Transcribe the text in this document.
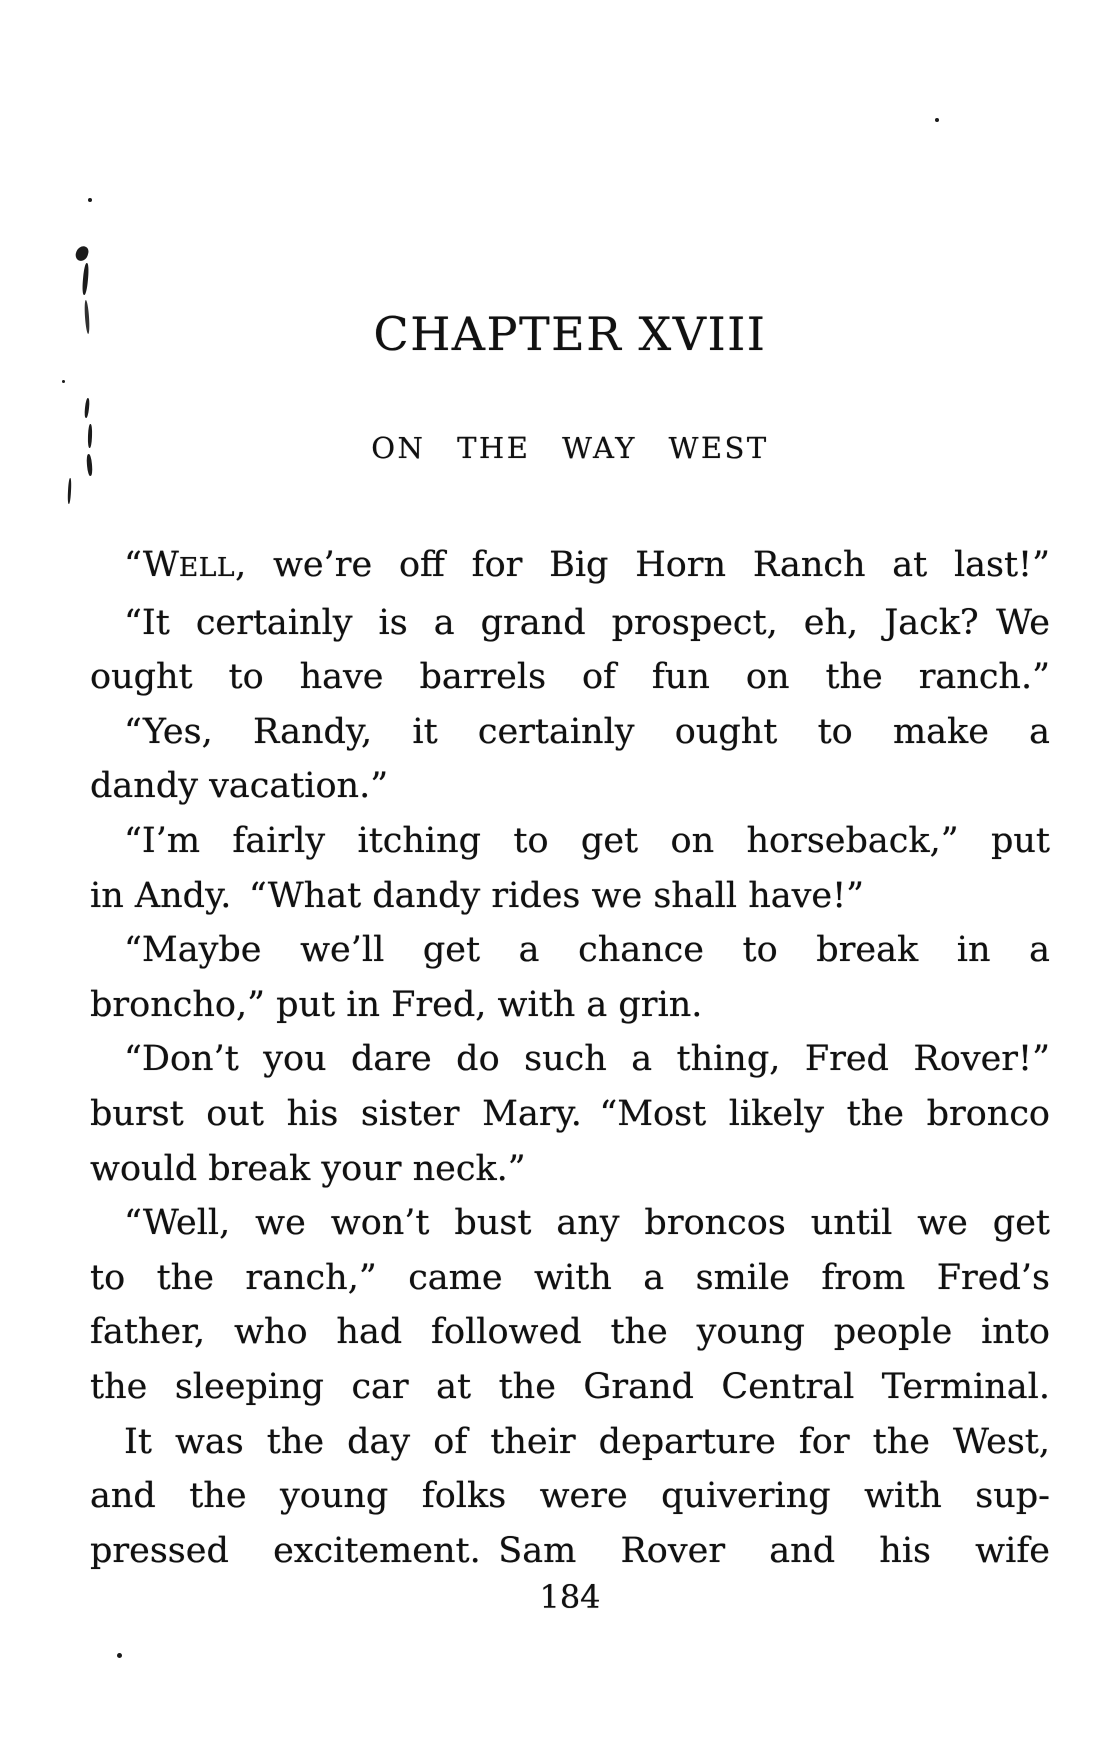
CHAPTER XVIII
ON THE WAY WEST
“WELL, we’re off for Big Horn Ranch at last!”
“It certainly is a grand prospect, eh, Jack? We
ought to have barrels of fun on the ranch.”
“Yes, Randy, it certainly ought to make a
dandy vacation.”
“I’m fairly itching to get on horseback,” put
in Andy. “What dandy rides we shall have!”
“Maybe we’ll get a chance to break in a
broncho,” put in Fred, with a grin.
“Don’t you dare do such a thing, Fred Rover!”
burst out his sister Mary. “Most likely the bronco
would break your neck.”
“Well, we won’t bust any broncos until we get
to the ranch,” came with a smile from Fred’s
father, who had followed the young people into
the sleeping car at the Grand Central Terminal.
It was the day of their departure for the West,
and the young folks were quivering with sup-
pressed excitement. Sam Rover and his wife
184
